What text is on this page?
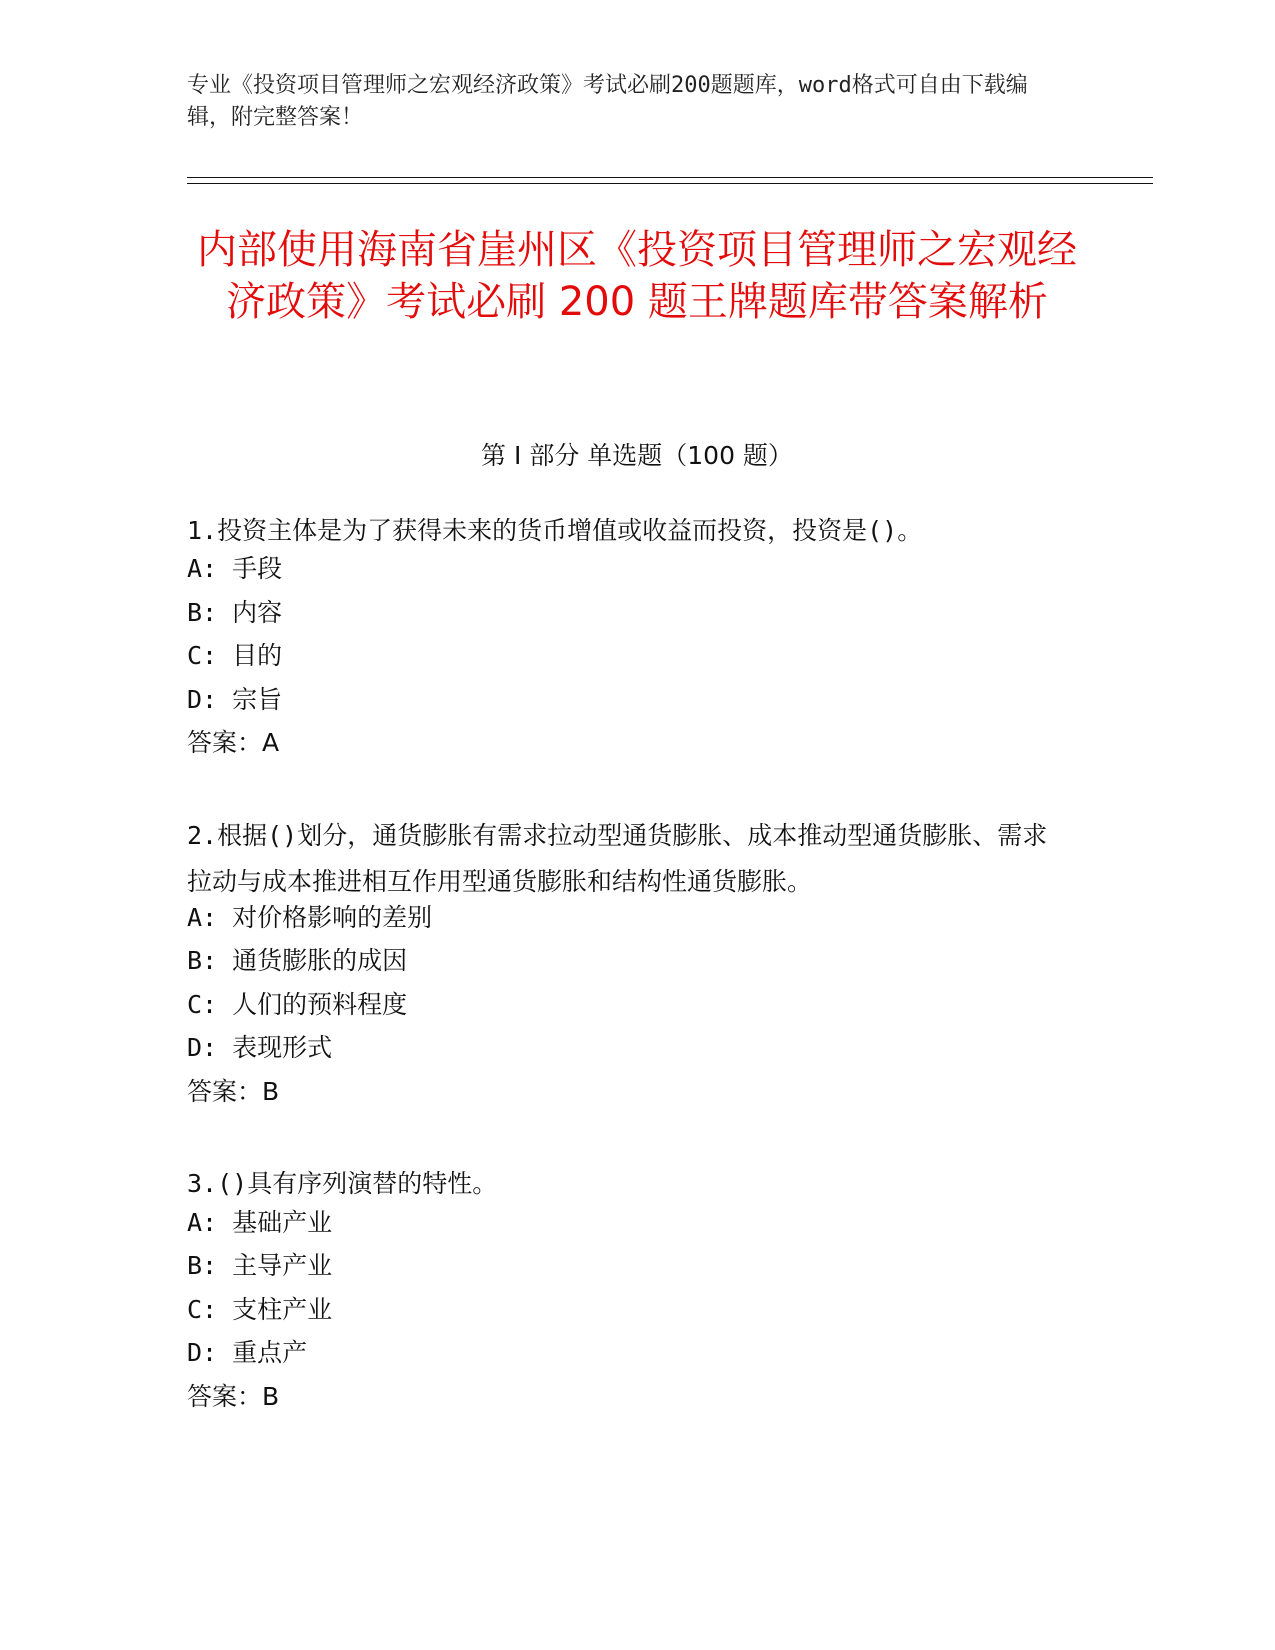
专业《投资项目管理师之宏观经济政策》考试必刷200题题库，word格式可自由下载编辑，附完整答案！
内部使用海南省崖州区《投资项目管理师之宏观经济政策》考试必刷 200 题王牌题库带答案解析
第 I 部分 单选题（100 题）
1.投资主体是为了获得未来的货币增值或收益而投资，投资是()。
A: 手段
B: 内容
C: 目的
D: 宗旨
答案：A
2.根据()划分，通货膨胀有需求拉动型通货膨胀、成本推动型通货膨胀、需求拉动与成本推进相互作用型通货膨胀和结构性通货膨胀。
A: 对价格影响的差别
B: 通货膨胀的成因
C: 人们的预料程度
D: 表现形式
答案：B
3.()具有序列演替的特性。
A: 基础产业
B: 主导产业
C: 支柱产业
D: 重点产
答案：B
